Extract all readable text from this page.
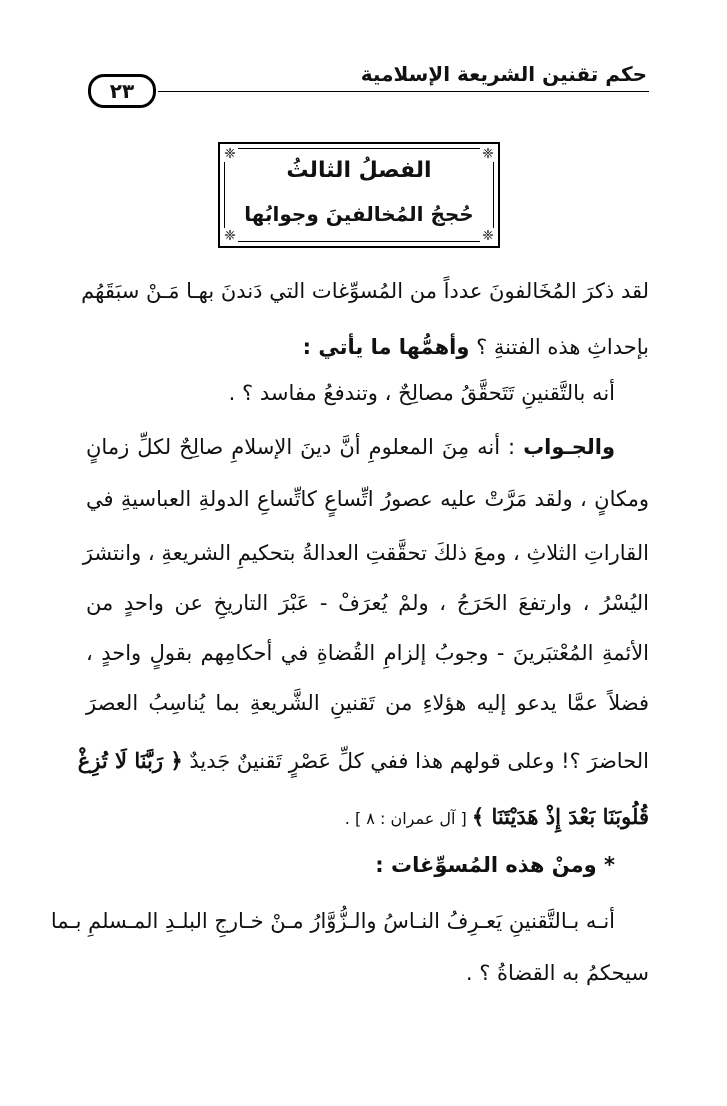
حكم تقنين الشريعة الإسلامية
٢٣
❈	❈
❈	❈
الفصلُ الثالثُ
حُججُ المُخالفينَ وجوابُها
لقد ذكرَ المُخَالفونَ عدداً من المُسوِّغات التي دَندنَ بهـا مَـنْ سبَقَهُم
بإحداثِ هذه الفتنةِ ؟ وأهمُّها ما يأتي :
أنه بالتَّقنينِ تَتَحقَّقُ مصالِحٌ ، وتندفعُ مفاسد ؟ .
والجـواب : أنه مِنَ المعلومِ أنَّ دينَ الإسلامِ صالِحٌ لكلِّ زمانٍ
ومكانٍ ، ولقد مَرَّتْ عليه عصورُ اتِّساعٍ كاتِّساعِ الدولةِ العباسيةِ في
القاراتِ الثلاثِ ، ومعَ ذلكَ تحقَّقتِ العدالةُ بتحكيمِ الشريعةِ ، وانتشرَ
اليُسْرُ ، وارتفعَ الحَرَجُ ، ولمْ يُعرَفْ - عَبْرَ التاريخِ عن واحدٍ من
الأئمةِ المُعْتبَرينَ - وجوبُ إلزامِ القُضاةِ في أحكامِهم بقولٍ واحدٍ ،
فضلاً عمَّا يدعو إليه هؤلاءِ من تَقنينِ الشَّريعةِ بما يُناسِبُ العصرَ
الحاضرَ ؟! وعلى قولهم هذا ففي كلِّ عَصْرٍ تَقنينٌ جَديدٌ ﴿ رَبَّنَا لَا تُزِغْ
قُلُوبَنَا بَعْدَ إِذْ هَدَيْتَنَا ﴾ [ آل عمران : ٨ ] .
* ومنْ هذه المُسوِّغات :
أنـه بـالتَّقنينِ يَعـرِفُ النـاسُ والـزُّوَّارُ مـنْ خـارجِ البلـدِ المـسلمِ بـما
سيحكمُ به القضاةُ ؟ .
